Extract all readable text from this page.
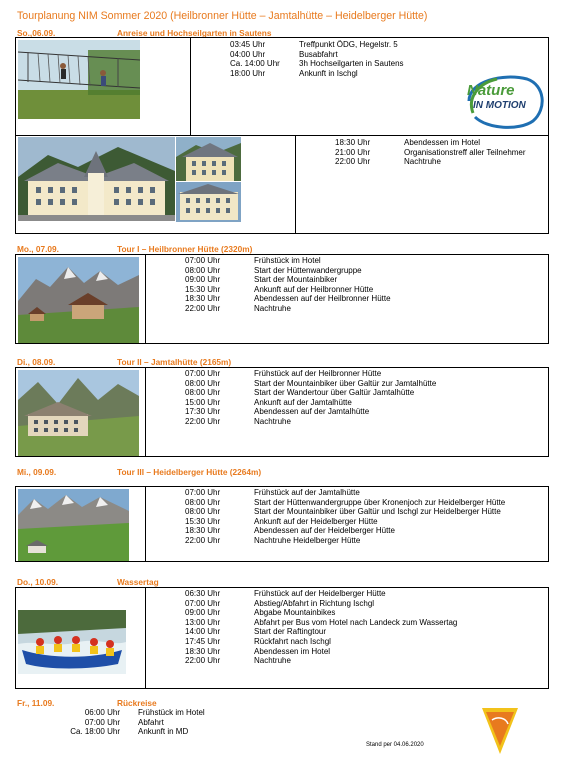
Tourplanung NIM Sommer 2020 (Heilbronner Hütte – Jamtalhütte – Heidelberger Hütte)
So.,06.09.	Anreise und Hochseilgarten in Sautens
03:45 Uhr	Treffpunkt ÖDG, Hegelstr. 5
04:00 Uhr	Busabfahrt
Ca. 14:00 Uhr	3h Hochseilgarten in Sautens
18:00 Uhr	Ankunft in Ischgl
Nature
IN MOTION
18:30 Uhr	Abendessen im Hotel
21:00 Uhr	Organisationstreff aller Teilnehmer
22:00 Uhr	Nachtruhe
Mo., 07.09.	Tour I – Heilbronner Hütte (2320m)
07:00 Uhr	Frühstück im Hotel
08:00 Uhr	Start der Hüttenwandergruppe
09:00 Uhr	Start der Mountainbiker
15:30 Uhr	Ankunft auf der Heilbronner Hütte
18:30 Uhr	Abendessen auf der Heilbronner Hütte
22:00 Uhr	Nachtruhe
Di., 08.09.	Tour II – Jamtalhütte (2165m)
07:00 Uhr	Frühstück auf der Heilbronner Hütte
08:00 Uhr	Start der Mountainbiker über Galtür zur Jamtalhütte
08:00 Uhr	Start der Wandertour über Galtür Jamtalhütte
15:00 Uhr	Ankunft auf der Jamtalhütte
17:30 Uhr	Abendessen auf der Jamtalhütte
22:00 Uhr	Nachtruhe
Mi., 09.09.	Tour III – Heidelberger Hütte (2264m)
07:00 Uhr	Frühstück auf der Jamtalhütte
08:00 Uhr	Start der Hüttenwandergruppe über Kronenjoch zur Heidelberger Hütte
08:00 Uhr	Start der Mountainbiker über Galtür und Ischgl zur Heidelberger Hütte
15:30 Uhr	Ankunft auf der Heidelberger Hütte
18:30 Uhr	Abendessen auf der Heidelberger Hütte
22:00 Uhr	Nachtruhe Heidelberger Hütte
Do., 10.09.	Wassertag
06:30 Uhr	Frühstück auf der Heidelberger Hütte
07:00 Uhr	Abstieg/Abfahrt in Richtung Ischgl
09:00 Uhr	Abgabe Mountainbikes
13:00 Uhr	Abfahrt per Bus vom Hotel nach Landeck zum Wassertag
14:00 Uhr	Start der Raftingtour
17:45 Uhr	Rückfahrt nach Ischgl
18:30 Uhr	Abendessen im Hotel
22:00 Uhr	Nachtruhe
Fr., 11.09.	Rückreise
06:00 Uhr	Frühstück im Hotel
07:00 Uhr	Abfahrt
Ca. 18:00 Uhr	Ankunft in MD
Stand per 04.06.2020
